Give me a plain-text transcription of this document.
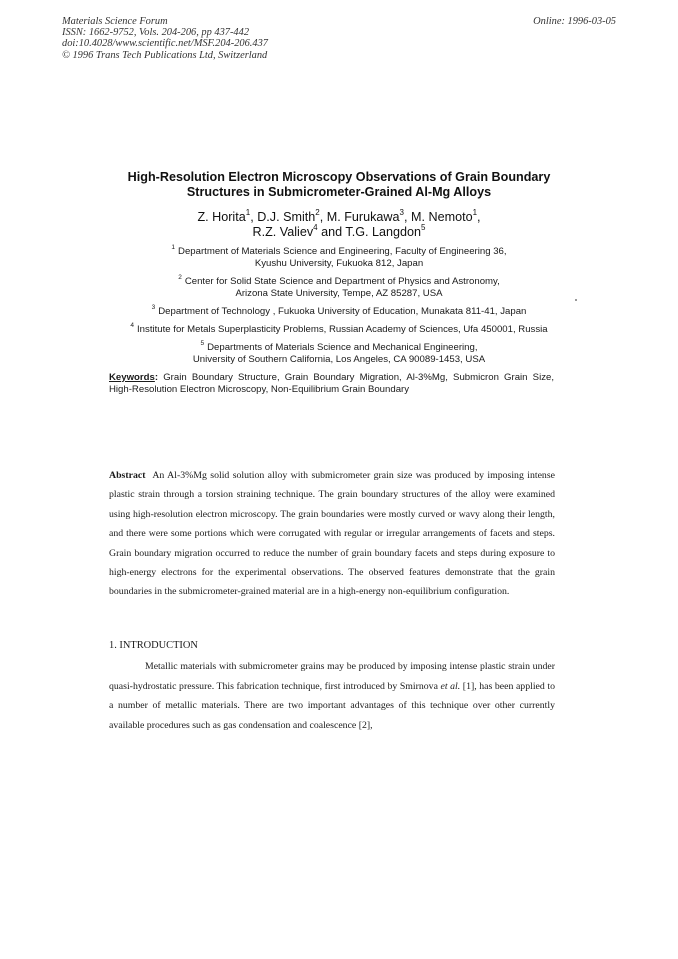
Materials Science Forum
ISSN: 1662-9752, Vols. 204-206, pp 437-442
doi:10.4028/www.scientific.net/MSF.204-206.437
© 1996 Trans Tech Publications Ltd, Switzerland
Online: 1996-03-05
High-Resolution Electron Microscopy Observations of Grain Boundary
Structures in Submicrometer-Grained Al-Mg Alloys
Z. Horita$^1$, D.J. Smith$^2$, M. Furukawa$^3$, M. Nemoto$^1$,
R.Z. Valiev$^4$ and T.G. Langdon$^5$
$^1$ Department of Materials Science and Engineering, Faculty of Engineering 36,
Kyushu University, Fukuoka 812, Japan
$^2$ Center for Solid State Science and Department of Physics and Astronomy,
Arizona State University, Tempe, AZ 85287, USA
$^3$ Department of Technology , Fukuoka University of Education, Munakata 811-41, Japan
$^4$ Institute for Metals Superplasticity Problems, Russian Academy of Sciences, Ufa 450001, Russia
$^5$ Departments of Materials Science and Mechanical Engineering,
University of Southern California, Los Angeles, CA 90089-1453, USA
Keywords: Grain Boundary Structure, Grain Boundary Migration, Al-3%Mg, Submicron Grain Size, High-Resolution Electron Microscopy, Non-Equilibrium Grain Boundary
Abstract An Al-3%Mg solid solution alloy with submicrometer grain size was produced by imposing intense plastic strain through a torsion straining technique. The grain boundary structures of the alloy were examined using high-resolution electron microscopy. The grain boundaries were mostly curved or wavy along their length, and there were some portions which were corrugated with regular or irregular arrangements of facets and steps. Grain boundary migration occurred to reduce the number of grain boundary facets and steps during exposure to high-energy electrons for the experimental observations. The observed features demonstrate that the grain boundaries in the submicrometer-grained material are in a high-energy non-equilibrium configuration.
1. INTRODUCTION
Metallic materials with submicrometer grains may be produced by imposing intense plastic strain under quasi-hydrostatic pressure. This fabrication technique, first introduced by Smirnova et al. [1], has been applied to a number of metallic materials. There are two important advantages of this technique over other currently available procedures such as gas condensation and coalescence [2],
